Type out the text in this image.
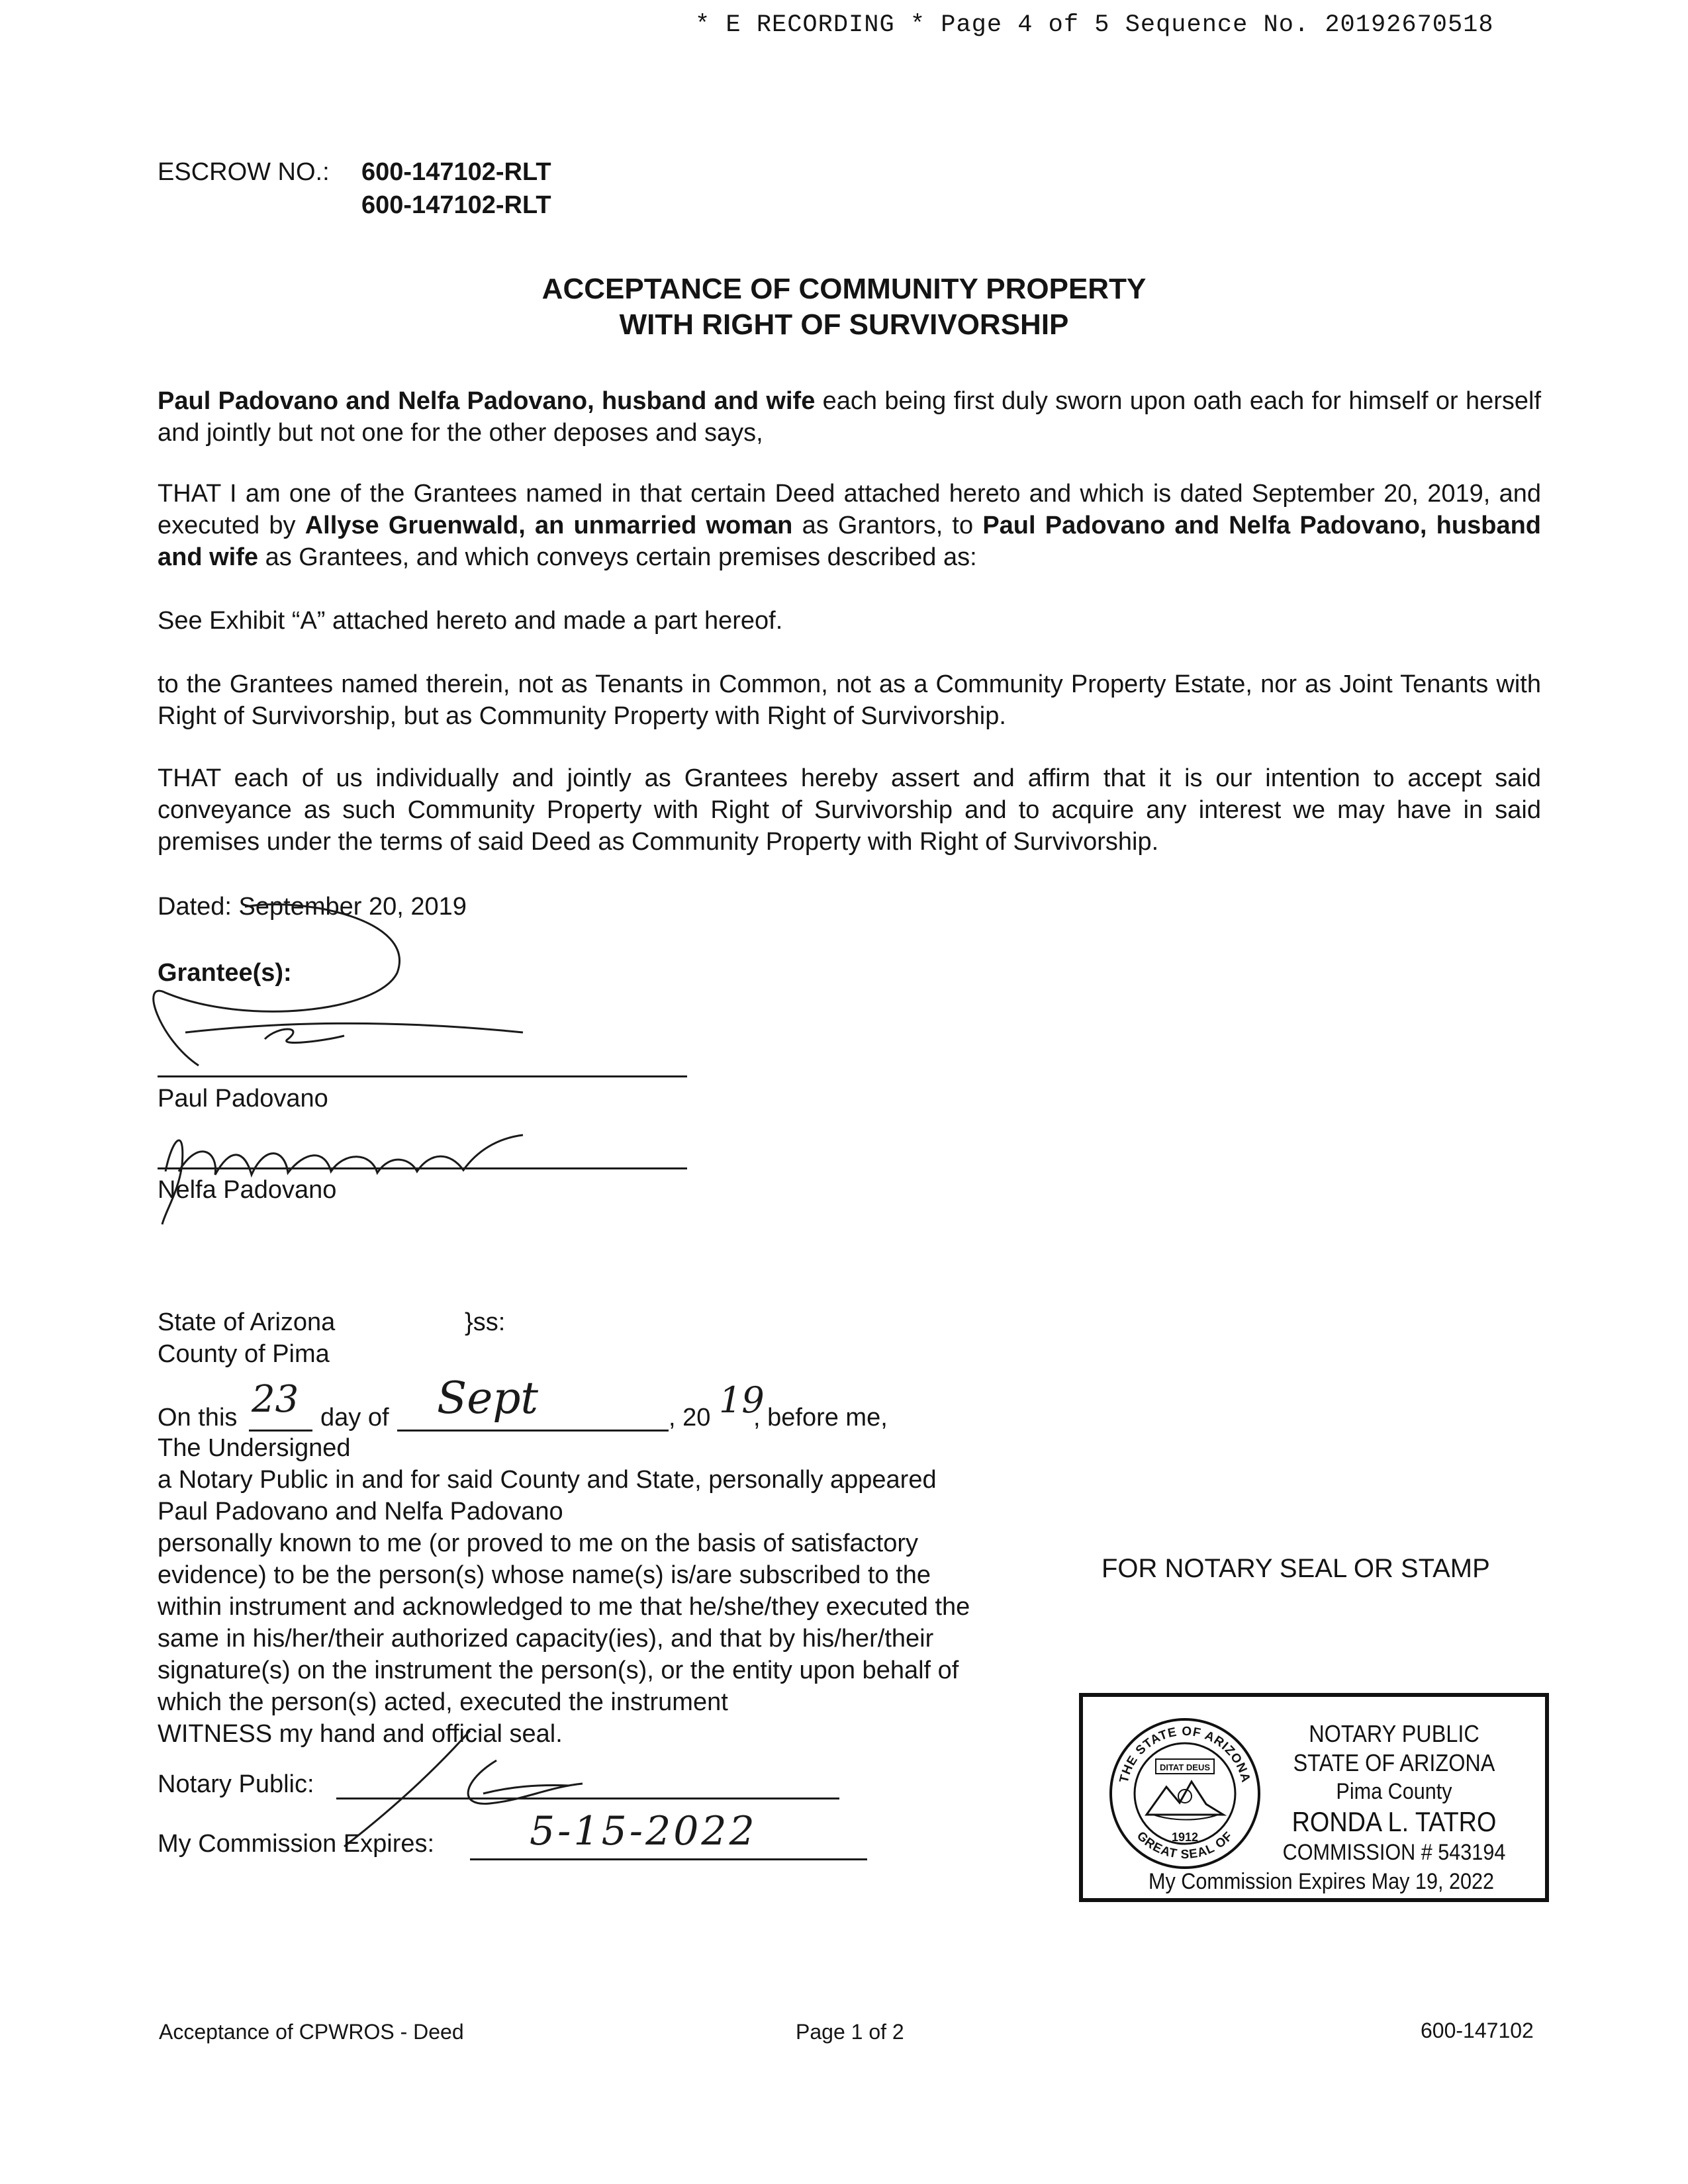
* E RECORDING * Page 4 of 5 Sequence No. 20192670518
ESCROW NO.: 600-147102-RLT
600-147102-RLT
ACCEPTANCE OF COMMUNITY PROPERTY
WITH RIGHT OF SURVIVORSHIP
Paul Padovano and Nelfa Padovano, husband and wife each being first duly sworn upon oath each for himself or herself and jointly but not one for the other deposes and says,
THAT I am one of the Grantees named in that certain Deed attached hereto and which is dated September 20, 2019, and executed by Allyse Gruenwald, an unmarried woman as Grantors, to Paul Padovano and Nelfa Padovano, husband and wife as Grantees, and which conveys certain premises described as:
See Exhibit “A” attached hereto and made a part hereof.
to the Grantees named therein, not as Tenants in Common, not as a Community Property Estate, nor as Joint Tenants with Right of Survivorship, but as Community Property with Right of Survivorship.
THAT each of us individually and jointly as Grantees hereby assert and affirm that it is our intention to accept said conveyance as such Community Property with Right of Survivorship and to acquire any interest we may have in said premises under the terms of said Deed as Community Property with Right of Survivorship.
Dated: September 20, 2019
Grantee(s):
Paul Padovano
Nelfa Padovano
State of Arizona	}ss:
County of Pima
On this 23 day of Sept	, 20 19
, before me,
The Undersigned
a Notary Public in and for said County and State, personally appeared
Paul Padovano and Nelfa Padovano
personally known to me (or proved to me on the basis of satisfactory
evidence) to be the person(s) whose name(s) is/are subscribed to the
within instrument and acknowledged to me that he/she/they executed the
same in his/her/their authorized capacity(ies), and that by his/her/their
signature(s) on the instrument the person(s), or the entity upon behalf of
which the person(s) acted, executed the instrument
WITNESS my hand and official seal.
Notary Public:
My Commission Expires: 5-15-2022
FOR NOTARY SEAL OR STAMP
THE STATE OF ARIZONA
GREAT SEAL OF
DITAT DEUS
1912
NOTARY PUBLIC
STATE OF ARIZONA
Pima County
RONDA L. TATRO
COMMISSION # 543194
My Commission Expires May 19, 2022
Acceptance of CPWROS - Deed	Page 1 of 2	600-147102
